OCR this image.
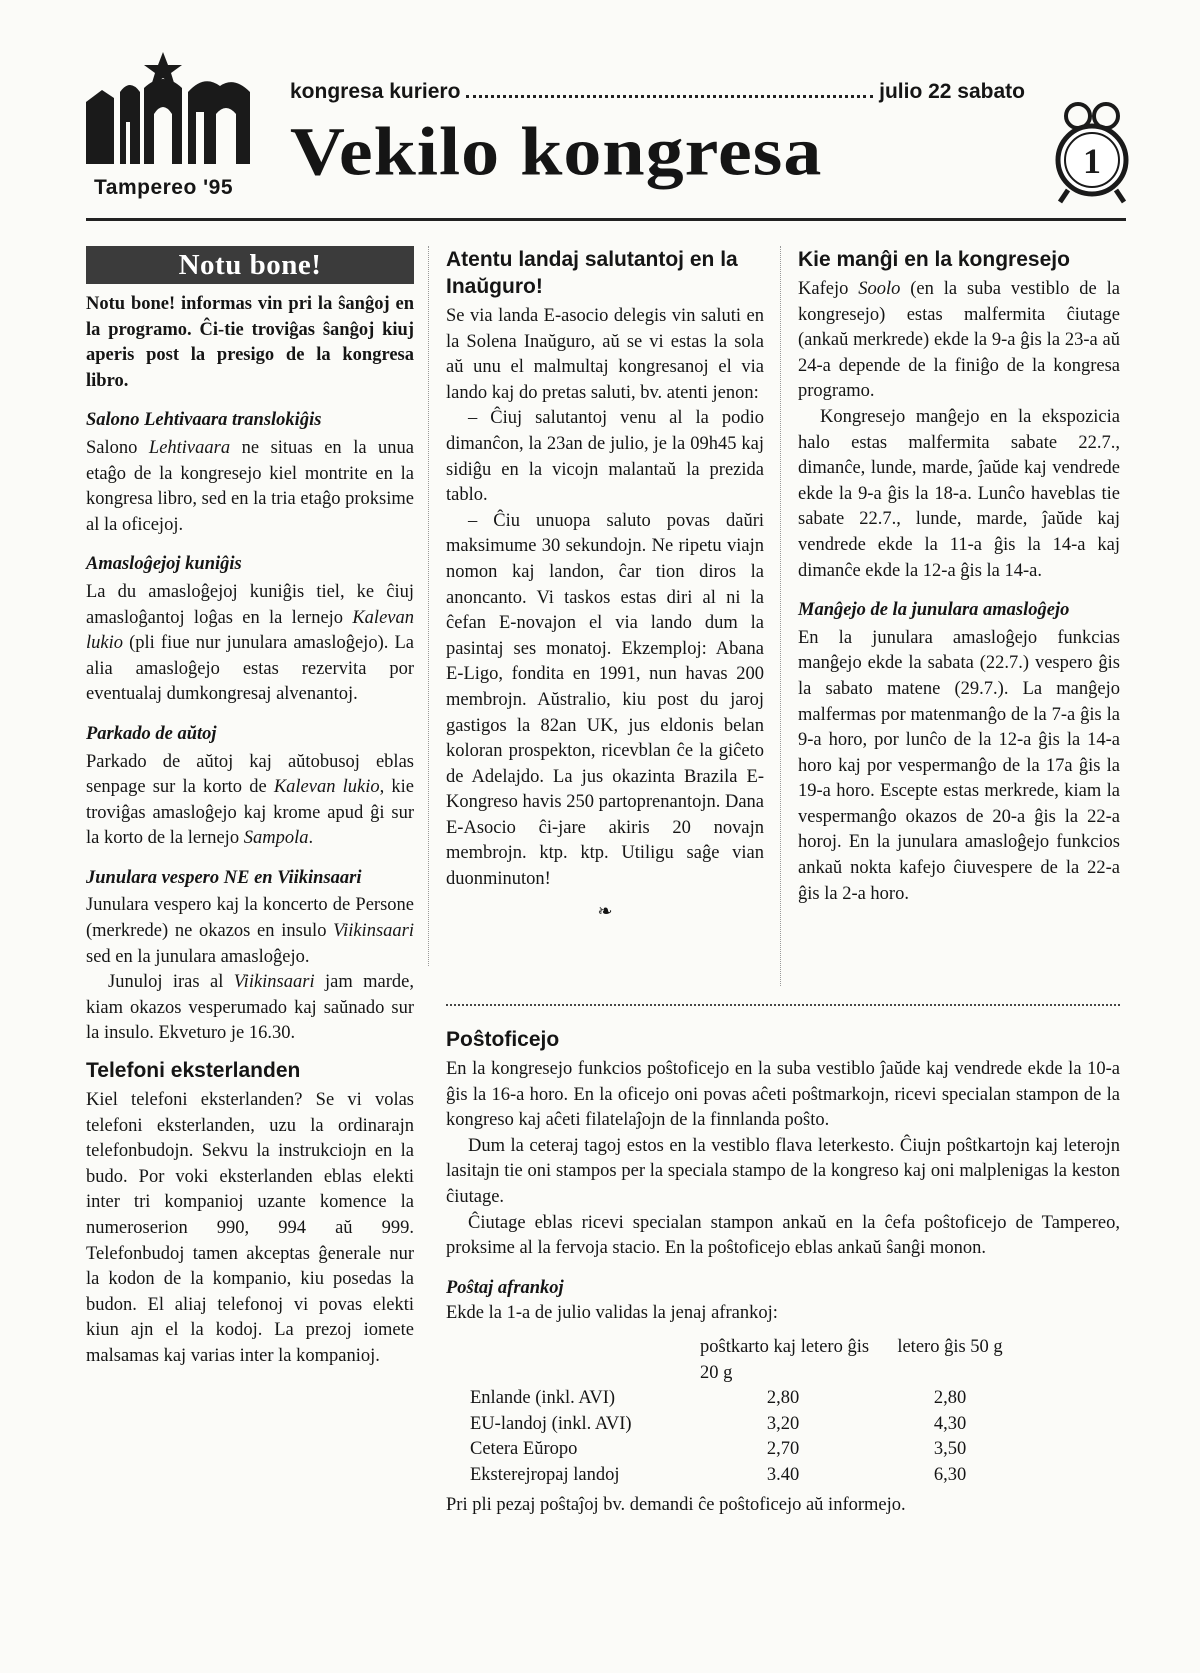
Tampereo '95
kongresa kuriero	julio 22 sabato
Vekilo kongresa	1
Notu bone!

Notu bone! informas vin pri la ŝanĝoj en la programo. Ĉi-tie troviĝas ŝanĝoj kiuj aperis post la presigo de la kongresa libro.

Salono Lehtivaara translokiĝis

Salono Lehtivaara ne situas en la unua etaĝo de la kongresejo kiel montrite en la kongresa libro, sed en la tria etaĝo proksime al la oficejoj.

Amasloĝejoj kuniĝis

La du amasloĝejoj kuniĝis tiel, ke ĉiuj amasloĝantoj loĝas en la lernejo Kalevan lukio (pli fiue nur junulara amasloĝejo). La alia amasloĝejo estas rezervita por eventualaj dumkongresaj alvenantoj.

Parkado de aŭtoj

Parkado de aŭtoj kaj aŭtobusoj eblas senpage sur la korto de Kalevan lukio, kie troviĝas amasloĝejo kaj krome apud ĝi sur la korto de la lernejo Sampola.

Junulara vespero NE en Viikinsaari

Junulara vespero kaj la koncerto de Persone (merkrede) ne okazos en insulo Viikinsaari sed en la junulara amasloĝejo.

Junuloj iras al Viikinsaari jam marde, kiam okazos vesperumado kaj saŭnado sur la insulo. Ekveturo je 16.30.

Telefoni eksterlanden

Kiel telefoni eksterlanden? Se vi volas telefoni eksterlanden, uzu la ordinarajn telefonbudojn. Sekvu la instrukciojn en la budo. Por voki eksterlanden eblas elekti inter tri kompanioj uzante komence la numeroserion 990, 994 aŭ 999. Telefonbudoj tamen akceptas ĝenerale nur la kodon de la kompanio, kiu posedas la budon. El aliaj telefonoj vi povas elekti kiun ajn el la kodoj. La prezoj iomete malsamas kaj varias inter la kompanioj.

Atentu landaj salutantoj en la Inaŭguro!

Se via landa E-asocio delegis vin saluti en la Solena Inaŭguro, aŭ se vi estas la sola aŭ unu el malmultaj kongresanoj el via lando kaj do pretas saluti, bv. atenti jenon:

– Ĉiuj salutantoj venu al la podio dimanĉon, la 23an de julio, je la 09h45 kaj sidiĝu en la vicojn malantaŭ la prezida tablo.

– Ĉiu unuopa saluto povas daŭri maksimume 30 sekundojn. Ne ripetu viajn nomon kaj landon, ĉar tion diros la anoncanto. Vi taskos estas diri al ni la ĉefan E-novajon el via lando dum la pasintaj ses monatoj. Ekzemploj: Abana E-Ligo, fondita en 1991, nun havas 200 membrojn. Aŭstralio, kiu post du jaroj gastigos la 82an UK, jus eldonis belan koloran prospekton, ricevblan ĉe la giĉeto de Adelajdo. La jus okazinta Brazila E-Kongreso havis 250 partoprenantojn. Dana E-Asocio ĉi-jare akiris 20 novajn membrojn. ktp. ktp. Utiligu saĝe vian duonminuton!

❧

Kie manĝi en la kongresejo

Kafejo Soolo (en la suba vestiblo de la kongresejo) estas malfermita ĉiutage (ankaŭ merkrede) ekde la 9-a ĝis la 23-a aŭ 24-a depende de la finiĝo de la kongresa programo.

Kongresejo manĝejo en la ekspozicia halo estas malfermita sabate 22.7., dimanĉe, lunde, marde, ĵaŭde kaj vendrede ekde la 9-a ĝis la 18-a. Lunĉo haveblas tie sabate 22.7., lunde, marde, ĵaŭde kaj vendrede ekde la 11-a ĝis la 14-a kaj dimanĉe ekde la 12-a ĝis la 14-a.

Manĝejo de la junulara amasloĝejo

En la junulara amasloĝejo funkcias manĝejo ekde la sabata (22.7.) vespero ĝis la sabato matene (29.7.). La manĝejo malfermas por matenmanĝo de la 7-a ĝis la 9-a horo, por lunĉo de la 12-a ĝis la 14-a horo kaj por vespermanĝo de la 17a ĝis la 19-a horo. Escepte estas merkrede, kiam la vespermanĝo okazos de 20-a ĝis la 22-a horoj. En la junulara amasloĝejo funkcios ankaŭ nokta kafejo ĉiuvespere de la 22-a ĝis la 2-a horo.

Poŝtoficejo

En la kongresejo funkcios poŝtoficejo en la suba vestiblo ĵaŭde kaj vendrede ekde la 10-a ĝis la 16-a horo. En la oficejo oni povas aĉeti poŝtmarkojn, ricevi specialan stampon de la kongreso kaj aĉeti filatelaĵojn de la finnlanda poŝto.

Dum la ceteraj tagoj estos en la vestiblo flava leterkesto. Ĉiujn poŝtkartojn kaj leterojn lasitajn tie oni stampos per la speciala stampo de la kongreso kaj oni malplenigas la keston ĉiutage.

Ĉiutage eblas ricevi specialan stampon ankaŭ en la ĉefa poŝtoficejo de Tampereo, proksime al la fervoja stacio. En la poŝtoficejo eblas ankaŭ ŝanĝi monon.

Poŝtaj afrankoj

Ekde la 1-a de julio validas la jenaj afrankoj:

	poŝtkarto kaj letero ĝis 20 g	letero ĝis 50 g
Enlande (inkl. AVI)	2,80	2,80
EU-landoj (inkl. AVI)	3,20	4,30
Cetera Eŭropo	2,70	3,50
Eksterejropaj landoj	3.40	6,30

Pri pli pezaj poŝtaĵoj bv. demandi ĉe poŝtoficejo aŭ informejo.
